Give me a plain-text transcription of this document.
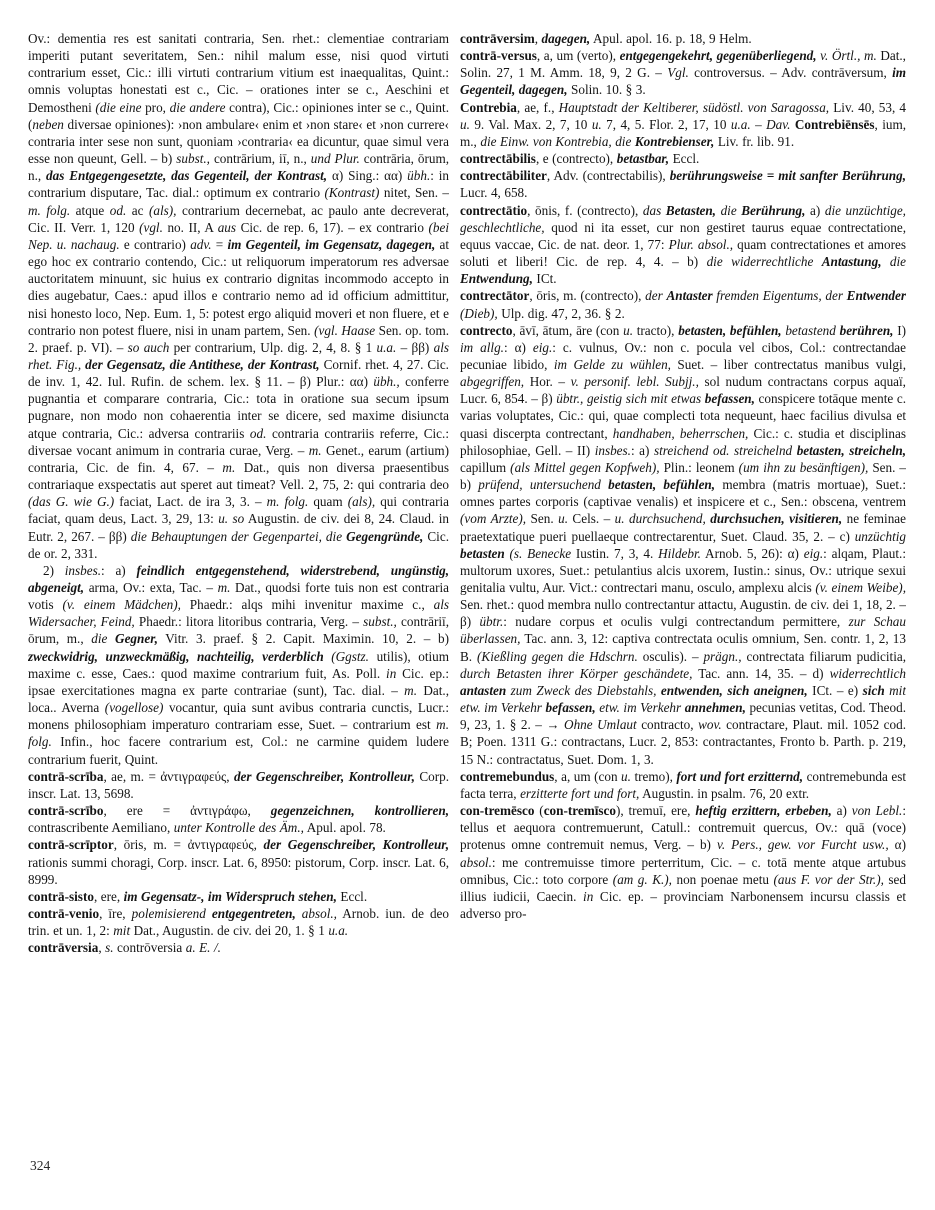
Ov.: dementia res est sanitati contraria, Sen. rhet.: clementiae contrariam imperiti putant severitatem, Sen.: nihil malum esse, nisi quod virtuti contrarium esset, Cic.: illi virtuti contrarium vitium est inaequalitas, Quint.: omnis voluptas honestati est c., Cic. – orationes inter se c., Aeschini et Demostheni (die eine pro, die andere contra), Cic.: opiniones inter se c., Quint. (neben diversae opiniones): ›non ambulare‹ enim et ›non stare‹ et ›non currere‹ contraria inter sese non sunt, quoniam ›contraria‹ ea dicuntur, quae simul vera esse non queunt, Gell. – b) subst., contrārium, iī, n., und Plur. contrāria, ōrum, n., das Entgegengesetzte, das Gegenteil, der Kontrast, α) Sing.: αα) übh.: in contrarium disputare, Tac. dial.: optimum ex contrario (Kontrast) nitet, Sen. – m. folg. atque od. ac (als), contrarium decernebat, ac paulo ante decreverat, Cic. II. Verr. 1, 120 (vgl. no. II, A aus Cic. de rep. 6, 17). – ex contrario (bei Nep. u. nachaug. e contrario) adv. = im Gegenteil, im Gegensatz, dagegen, at ego hoc ex contrario contendo, Cic.: ut reliquorum imperatorum res adversae auctoritatem minuunt, sic huius ex contrario dignitas incommodo accepto in dies augebatur, Caes.: apud illos e contrario nemo ad id officium admittitur, nisi honesto loco, Nep. Eum. 1, 5: potest ergo aliquid moveri et non fluere, et e contrario non potest fluere, nisi in unam partem, Sen. (vgl. Haase Sen. op. tom. 2. praef. p. VI). – so auch per contrarium, Ulp. dig. 2, 4, 8. § 1 u.a. – ββ) als rhet. Fig., der Gegensatz, die Antithese, der Kontrast, Cornif. rhet. 4, 27. Cic. de inv. 1, 42. Iul. Rufin. de schem. lex. § 11. – β) Plur.: αα) übh., conferre pugnantia et comparare contraria, Cic.: tota in oratione sua secum ipsum pugnare, non modo non cohaerentia inter se dicere, sed maxime disiuncta atque contraria, Cic.: adversa contrariis od. contraria contrariis referre, Cic.: diversae vocant animum in contraria curae, Verg. – m. Genet., earum (artium) contraria, Cic. de fin. 4, 67. – m. Dat., quis non diversa praesentibus contrariaque exspectatis aut speret aut timeat? Vell. 2, 75, 2: qui contraria deo (das G. wie G.) faciat, Lact. de ira 3, 3. – m. folg. quam (als), qui contraria faciat, quam deus, Lact. 3, 29, 13: u. so Augustin. de civ. dei 8, 24. Claud. in Eutr. 2, 267. – ββ) die Behauptungen der Gegenpartei, die Gegengründe, Cic. de or. 2, 331.

2) insbes.: a) feindlich entgegenstehend, widerstrebend, ungünstig, abgeneigt, arma, Ov.: exta, Tac. – m. Dat., quodsi forte tuis non est contraria votis (v. einem Mädchen), Phaedr.: alqs mihi invenitur maxime c., als Widersacher, Feind, Phaedr.: litora litoribus contraria, Verg. – subst., contrāriī, ōrum, m., die Gegner, Vitr. 3. praef. § 2. Capit. Maximin. 10, 2. – b) zweckwidrig, unzweckmäßig, nachteilig, verderblich (Ggstz. utilis), otium maxime c. esse, Caes.: quod maxime contrarium fuit, As. Poll. in Cic. ep.: ipsae exercitationes magna ex parte contrariae (sunt), Tac. dial. – m. Dat., loca.. Averna (vogellose) vocantur, quia sunt avibus contraria cunctis, Lucr.: monens philosophiam imperaturo contrariam esse, Suet. – contrarium est m. folg. Infin., hoc facere contrarium est, Col.: ne carmine quidem ludere contrarium fuerit, Quint.

contrā-scrība, ae, m. = ἀντιγραφεύς, der Gegenschreiber, Kontrolleur, Corp. inscr. Lat. 13, 5698.

contrā-scrībo, ere = ἀντιγράφω, gegenzeichnen, kontrollieren, contrascribente Aemiliano, unter Kontrolle des Äm., Apul. apol. 78.

contrā-scrīptor, ōris, m. = ἀντιγραφεύς, der Gegenschreiber, Kontrolleur, rationis summi choragi, Corp. inscr. Lat. 6, 8950: pistorum, Corp. inscr. Lat. 6, 8999.

contrā-sisto, ere, im Gegensatz-, im Widerspruch stehen, Eccl.

contrā-venio, īre, polemisierend entgegentreten, absol., Arnob. iun. de deo trin. et un. 1, 2: mit Dat., Augustin. de civ. dei 20, 1. § 1 u.a.

contrāversia, s. contrōversia a. E. /.

contrāversim, dagegen, Apul. apol. 16. p. 18, 9 Helm.

contrā-versus, a, um (verto), entgegengekehrt, gegenüberliegend, v. Örtl., m. Dat., Solin. 27, 1 M. Amm. 18, 9, 2 G. – Vgl. controversus. – Adv. contrāversum, im Gegenteil, dagegen, Solin. 10. § 3.

Contrebia, ae, f., Hauptstadt der Keltiberer, südöstl. von Saragossa, Liv. 40, 53, 4 u. 9. Val. Max. 2, 7, 10 u. 7, 4, 5. Flor. 2, 17, 10 u.a. – Dav. Contrebiēnsēs, ium, m., die Einw. von Kontrebia, die Kontrebienser, Liv. fr. lib. 91.

contrectābilis, e (contrecto), betastbar, Eccl.

contrectābiliter, Adv. (contrectabilis), berührungsweise = mit sanfter Berührung, Lucr. 4, 658.

contrectātio, ōnis, f. (contrecto), das Betasten, die Berührung, a) die unzüchtige, geschlechtliche, quod ni ita esset, cur non gestiret taurus equae contrectatione, equus vaccae, Cic. de nat. deor. 1, 77: Plur. absol., quam contrectationes et amores soluti et liberi! Cic. de rep. 4, 4. – b) die widerrechtliche Antastung, die Entwendung, ICt.

contrectātor, ōris, m. (contrecto), der Antaster fremden Eigentums, der Entwender (Dieb), Ulp. dig. 47, 2, 36. § 2.

contrecto, āvī, ātum, āre (con u. tracto), betasten, befühlen, betastend berühren, I) im allg.: α) eig.: c. vulnus, Ov.: non c. pocula vel cibos, Col.: contrectandae pecuniae libido, im Gelde zu wühlen, Suet. – liber contrectatus manibus vulgi, abgegriffen, Hor. – v. personif. lebl. Subjj., sol nudum contractans corpus aquaï, Lucr. 6, 854. – β) übtr., geistig sich mit etwas befassen, conspicere totāque mente c. varias voluptates, Cic.: qui, quae complecti tota nequeunt, haec facilius divulsa et quasi discerpta contrectant, handhaben, beherrschen, Cic.: c. studia et disciplinas philosophiae, Gell. – II) insbes.: a) streichend od. streichelnd betasten, streicheln, capillum (als Mittel gegen Kopfweh), Plin.: leonem (um ihn zu besänftigen), Sen. – b) prüfend, untersuchend betasten, befühlen, membra (matris mortuae), Suet.: omnes partes corporis (captivae venalis) et inspicere et c., Sen.: obscena, ventrem (vom Arzte), Sen. u. Cels. – u. durchsuchend, durchsuchen, visitieren, ne feminae praetextatique pueri puellaeque contrectarentur, Suet. Claud. 35, 2. – c) unzüchtig betasten (s. Benecke Iustin. 7, 3, 4. Hildebr. Arnob. 5, 26): α) eig.: alqam, Plaut.: multorum uxores, Suet.: petulantius alcis uxorem, Iustin.: sinus, Ov.: utrique sexui genitalia vultu, Aur. Vict.: contrectari manu, osculo, amplexu alcis (v. einem Weibe), Sen. rhet.: quod membra nullo contrectantur attactu, Augustin. de civ. dei 1, 18, 2. – β) übtr.: nudare corpus et oculis vulgi contrectandum permittere, zur Schau überlassen, Tac. ann. 3, 12: captiva contrectata oculis omnium, Sen. contr. 1, 2, 13 B. (Kießling gegen die Hdschrn. osculis). – prägn., contrectata filiarum pudicitia, durch Betasten ihrer Körper geschändete, Tac. ann. 14, 35. – d) widerrechtlich antasten zum Zweck des Diebstahls, entwenden, sich aneignen, ICt. – e) sich mit etw. im Verkehr befassen, etw. im Verkehr annehmen, pecunias vetitas, Cod. Theod. 9, 23, 1. § 2. – → Ohne Umlaut contracto, wov. contractare, Plaut. mil. 1052 cod. B; Poen. 1311 G.: contractans, Lucr. 2, 853: contractantes, Fronto b. Parth. p. 219, 15 N.: contractatus, Suet. Dom. 1, 3.

contremebundus, a, um (con u. tremo), fort und fort erzitternd, contremebunda est facta terra, erzitterte fort und fort, Augustin. in psalm. 76, 20 extr.

con-tremēsco (con-tremīsco), tremuī, ere, heftig erzittern, erbeben, a) von Lebl.: tellus et aequora contremuerunt, Catull.: contremuit quercus, Ov.: quā (voce) protenus omne contremuit nemus, Verg. – b) v. Pers., gew. vor Furcht usw., α) absol.: me contremuisse timore perterritum, Cic. – c. totā mente atque artubus omnibus, Cic.: toto corpore (am g. K.), non poenae metu (aus F. vor der Str.), sed illius iudicii, Caecin. in Cic. ep. – provinciam Narbonensem incursu classis et adverso pro-

324
